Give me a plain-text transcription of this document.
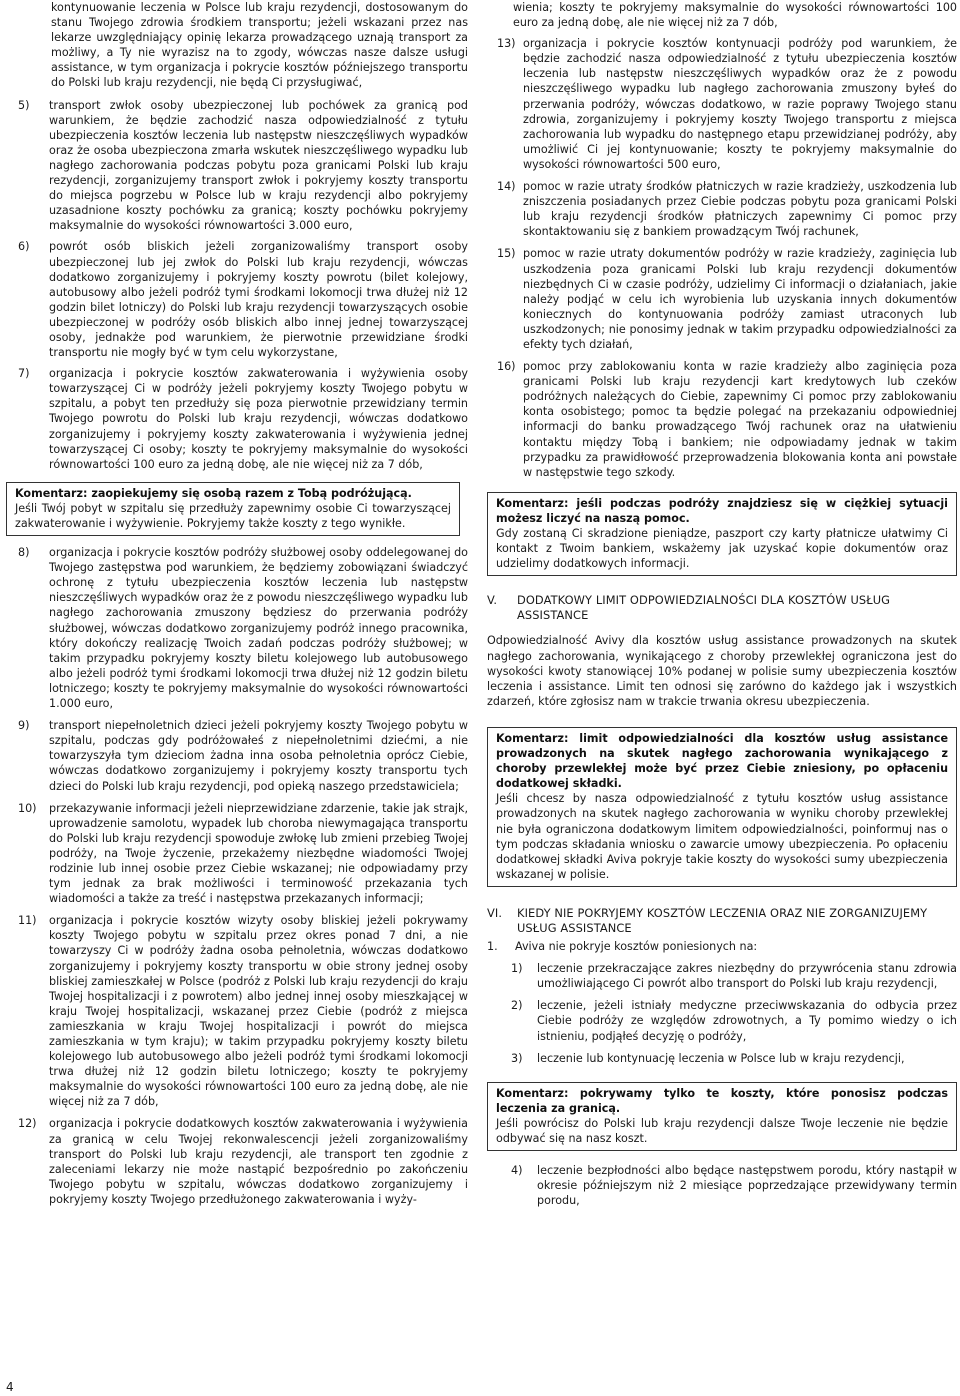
kontynuowanie leczenia w Polsce lub kraju rezydencji, dostosowanym do stanu Twojego zdrowia środkiem transportu; jeżeli wskazani przez nas lekarze uwzględniający opinię lekarza prowadzącego uznają transport za możliwy, a Ty nie wyrazisz na to zgody, wówczas nasze dalsze usługi assistance, w tym organizacja i pokrycie kosztów późniejszego transportu do Polski lub kraju rezydencji, nie będą Ci przysługiwać,

5)	transport zwłok osoby ubezpieczonej lub pochówek za granicą pod warunkiem, że będzie zachodzić nasza odpowiedzialność z tytułu ubezpieczenia kosztów leczenia lub następstw nieszczęśliwych wypadków oraz że osoba ubezpieczona zmarła wskutek nieszczęśliwego wypadku lub nagłego zachorowania podczas pobytu poza granicami Polski lub kraju rezydencji, zorganizujemy transport zwłok i pokryjemy koszty transportu do miejsca pogrzebu w Polsce lub w kraju rezydencji albo pokryjemy uzasadnione koszty pochówku za granicą; koszty pochówku pokryjemy maksymalnie do wysokości równowartości 3.000 euro,
6)	powrót osób bliskich jeżeli zorganizowaliśmy transport osoby ubezpieczonej lub jej zwłok do Polski lub kraju rezydencji, wówczas dodatkowo zorganizujemy i pokryjemy koszty powrotu (bilet kolejowy, autobusowy albo jeżeli podróż tymi środkami lokomocji trwa dłużej niż 12 godzin bilet lotniczy) do Polski lub kraju rezydencji towarzyszących osobie ubezpieczonej w podróży osób bliskich albo innej jednej towarzyszącej osoby, jednakże pod warunkiem, że pierwotnie przewidziane środki transportu nie mogły być w tym celu wykorzystane,
7)	organizacja i pokrycie kosztów zakwaterowania i wyżywienia osoby towarzyszącej Ci w podróży jeżeli pokryjemy koszty Twojego pobytu w szpitalu, a pobyt ten przedłuży się poza pierwotnie przewidziany termin Twojego powrotu do Polski lub kraju rezydencji, wówczas dodatkowo zorganizujemy i pokryjemy koszty zakwaterowania i wyżywienia jednej towarzyszącej Ci osoby; koszty te pokryjemy maksymalnie do wysokości równowartości 100 euro za jedną dobę, ale nie więcej niż za 7 dób,
Komentarz: zaopiekujemy się osobą razem z Tobą podróżującą.
Jeśli Twój pobyt w szpitalu się przedłuży zapewnimy osobie Ci towarzyszącej zakwaterowanie i wyżywienie. Pokryjemy także koszty z tego wynikłe.
8)	organizacja i pokrycie kosztów podróży służbowej osoby oddelegowanej do Twojego zastępstwa pod warunkiem, że będziemy zobowiązani świadczyć ochronę z tytułu ubezpieczenia kosztów leczenia lub następstw nieszczęśliwych wypadków oraz że z powodu nieszczęśliwego wypadku lub nagłego zachorowania zmuszony będziesz do przerwania podróży służbowej, wówczas dodatkowo zorganizujemy podróż innego pracownika, który dokończy realizację Twoich zadań podczas podróży służbowej; w takim przypadku pokryjemy koszty biletu kolejowego lub autobusowego albo jeżeli podróż tymi środkami lokomocji trwa dłużej niż 12 godzin biletu lotniczego; koszty te pokryjemy maksymalnie do wysokości równowartości 1.000 euro,
9)	transport niepełnoletnich dzieci jeżeli pokryjemy koszty Twojego pobytu w szpitalu, podczas gdy podróżowałeś z niepełnoletnimi dziećmi, a nie towarzyszyła tym dzieciom żadna inna osoba pełnoletnia oprócz Ciebie, wówczas dodatkowo zorganizujemy i pokryjemy koszty transportu tych dzieci do Polski lub kraju rezydencji, pod opieką naszego przedstawiciela;
10)	przekazywanie informacji jeżeli nieprzewidziane zdarzenie, takie jak strajk, uprowadzenie samolotu, wypadek lub choroba niewymagająca transportu do Polski lub kraju rezydencji spowoduje zwłokę lub zmieni przebieg Twojej podróży, na Twoje życzenie, przekażemy niezbędne wiadomości Twojej rodzinie lub innej osobie przez Ciebie wskazanej; nie odpowiadamy przy tym jednak za brak możliwości i terminowość przekazania tych wiadomości a także za treść i następstwa przekazanych informacji;
11)	organizacja i pokrycie kosztów wizyty osoby bliskiej jeżeli pokrywamy koszty Twojego pobytu w szpitalu przez okres ponad 7 dni, a nie towarzyszy Ci w podróży żadna osoba pełnoletnia, wówczas dodatkowo zorganizujemy i pokryjemy koszty transportu w obie strony jednej osoby bliskiej zamieszkałej w Polsce (podróż z Polski lub kraju rezydencji do kraju Twojej hospitalizacji i z powrotem) albo jednej innej osoby mieszkającej w kraju Twojej hospitalizacji, wskazanej przez Ciebie (podróż z miejsca zamieszkania w kraju Twojej hospitalizacji i powrót do miejsca zamieszkania w tym kraju); w takim przypadku pokryjemy koszty biletu kolejowego lub autobusowego albo jeżeli podróż tymi środkami lokomocji trwa dłużej niż 12 godzin biletu lotniczego; koszty te pokryjemy maksymalnie do wysokości równowartości 100 euro za jedną dobę, ale nie więcej niż za 7 dób,
12)	organizacja i pokrycie dodatkowych kosztów zakwaterowania i wyżywienia za granicą w celu Twojej rekonwalescencji jeżeli zorganizowaliśmy transport do Polski lub kraju rezydencji, ale transport ten zgodnie z zaleceniami lekarzy nie może nastąpić bezpośrednio po zakończeniu Twojego pobytu w szpitalu, wówczas dodatkowo zorganizujemy i pokryjemy koszty Twojego przedłużonego zakwaterowania i wyży-

wienia; koszty te pokryjemy maksymalnie do wysokości równowartości 100 euro za jedną dobę, ale nie więcej niż za 7 dób,

13) organizacja i pokrycie kosztów kontynuacji podróży pod warunkiem, że będzie zachodzić nasza odpowiedzialność z tytułu ubezpieczenia kosztów leczenia lub następstw nieszczęśliwych wypadków oraz że z powodu nieszczęśliwego wypadku lub nagłego zachorowania zmuszony byłeś do przerwania podróży, wówczas dodatkowo, w razie poprawy Twojego stanu zdrowia, zorganizujemy i pokryjemy koszty Twojego transportu z miejsca zachorowania lub wypadku do następnego etapu przewidzianej podróży, aby umożliwić Ci jej kontynuowanie; koszty te pokryjemy maksymalnie do wysokości równowartości 500 euro,
14) pomoc w razie utraty środków płatniczych w razie kradzieży, uszkodzenia lub zniszczenia posiadanych przez Ciebie podczas pobytu poza granicami Polski lub kraju rezydencji środków płatniczych zapewnimy Ci pomoc przy skontaktowaniu się z bankiem prowadzącym Twój rachunek,
15) pomoc w razie utraty dokumentów podróży w razie kradzieży, zaginięcia lub uszkodzenia poza granicami Polski lub kraju rezydencji dokumentów niezbędnych Ci w czasie podróży, udzielimy Ci informacji o działaniach, jakie należy podjąć w celu ich wyrobienia lub uzyskania innych dokumentów koniecznych do kontynuowania podróży zamiast utraconych lub uszkodzonych; nie ponosimy jednak w takim przypadku odpowiedzialności za efekty tych działań,
16) pomoc przy zablokowaniu konta w razie kradzieży albo zaginięcia poza granicami Polski lub kraju rezydencji kart kredytowych lub czeków podróżnych należących do Ciebie, zapewnimy Ci pomoc przy zablokowaniu konta osobistego; pomoc ta będzie polegać na przekazaniu odpowiedniej informacji do banku prowadzącego Twój rachunek oraz na ułatwieniu kontaktu między Tobą i bankiem; nie odpowiadamy jednak w takim przypadku za prawidłowość przeprowadzenia blokowania konta ani powstałe w następstwie tego szkody.
Komentarz: jeśli podczas podróży znajdziesz się w ciężkiej sytuacji możesz liczyć na naszą pomoc.
Gdy zostaną Ci skradzione pieniądze, paszport czy karty płatnicze ułatwimy Ci kontakt z Twoim bankiem, wskażemy jak uzyskać kopie dokumentów oraz udzielimy dodatkowych informacji.
V.	DODATKOWY LIMIT ODPOWIEDZIALNOŚCI DLA KOSZTÓW USŁUG ASSISTANCE

Odpowiedzialność Avivy dla kosztów usług assistance prowadzonych na skutek nagłego zachorowania, wynikającego z choroby przewlekłej ograniczona jest do wysokości kwoty stanowiącej 10% podanej w polisie sumy ubezpieczenia kosztów leczenia i assistance. Limit ten odnosi się zarówno do każdego jak i wszystkich zdarzeń, które zgłosisz nam w trakcie trwania okresu ubezpieczenia.

Komentarz: limit odpowiedzialności dla kosztów usług assistance prowadzonych na skutek nagłego zachorowania wynikającego z choroby przewlekłej może być przez Ciebie zniesiony, po opłaceniu dodatkowej składki.
Jeśli chcesz by nasza odpowiedzialność z tytułu kosztów usług assistance prowadzonych na skutek nagłego zachorowania w wyniku choroby przewlekłej nie była ograniczona dodatkowym limitem odpowiedzialności, poinformuj nas o tym podczas składania wniosku o zawarcie umowy ubezpieczenia. Po opłaceniu dodatkowej składki Aviva pokryje takie koszty do wysokości sumy ubezpieczenia wskazanej w polisie.
VI.	KIEDY NIE POKRYJEMY KOSZTÓW LECZENIA ORAZ NIE ZORGANIZUJEMY USŁUG ASSISTANCE
1.	Aviva nie pokryje kosztów poniesionych na:
1)	leczenie przekraczające zakres niezbędny do przywrócenia stanu zdrowia umożliwiającego Ci powrót albo transport do Polski lub kraju rezydencji,
2)	leczenie, jeżeli istniały medyczne przeciwwskazania do odbycia przez Ciebie podróży ze względów zdrowotnych, a Ty pomimo wiedzy o ich istnieniu, podjąłeś decyzję o podróży,
3)	leczenie lub kontynuację leczenia w Polsce lub w kraju rezydencji,
Komentarz: pokrywamy tylko te koszty, które ponosisz podczas leczenia za granicą.
Jeśli powrócisz do Polski lub kraju rezydencji dalsze Twoje leczenie nie będzie odbywać się na nasz koszt.
4)	leczenie bezpłodności albo będące następstwem porodu, który nastąpił w okresie późniejszym niż 2 miesiące poprzedzające przewidywany termin porodu,
4
